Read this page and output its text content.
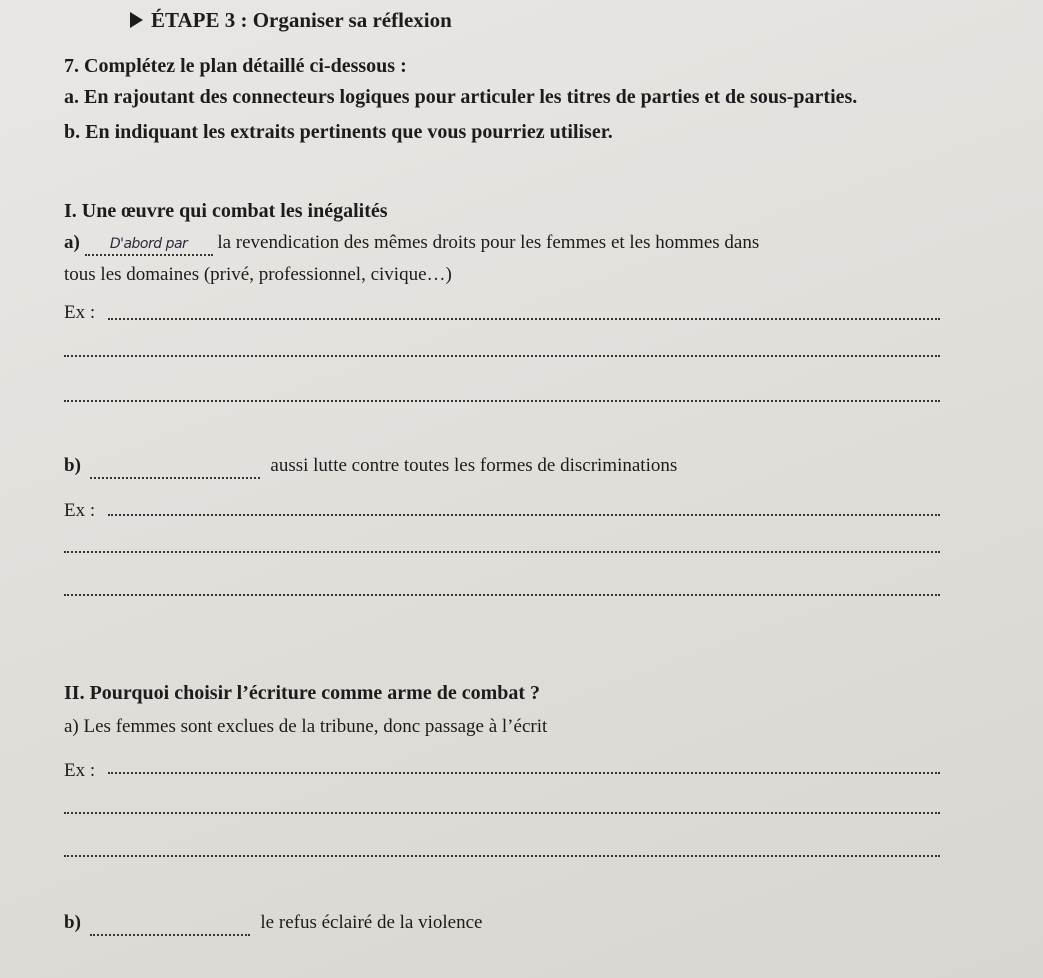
ÉTAPE 3 : Organiser sa réflexion
7. Complétez le plan détaillé ci-dessous :
a. En rajoutant des connecteurs logiques pour articuler les titres de parties et de sous-parties.
b. En indiquant les extraits pertinents que vous pourriez utiliser.
I. Une œuvre qui combat les inégalités
a) D'abord par la revendication des mêmes droits pour les femmes et les hommes dans
tous les domaines (privé, professionnel, civique…)
Ex :
b)	aussi lutte contre toutes les formes de discriminations
Ex :
II. Pourquoi choisir l’écriture comme arme de combat ?
a) Les femmes sont exclues de la tribune, donc passage à l’écrit
Ex :
b)	le refus éclairé de la violence
